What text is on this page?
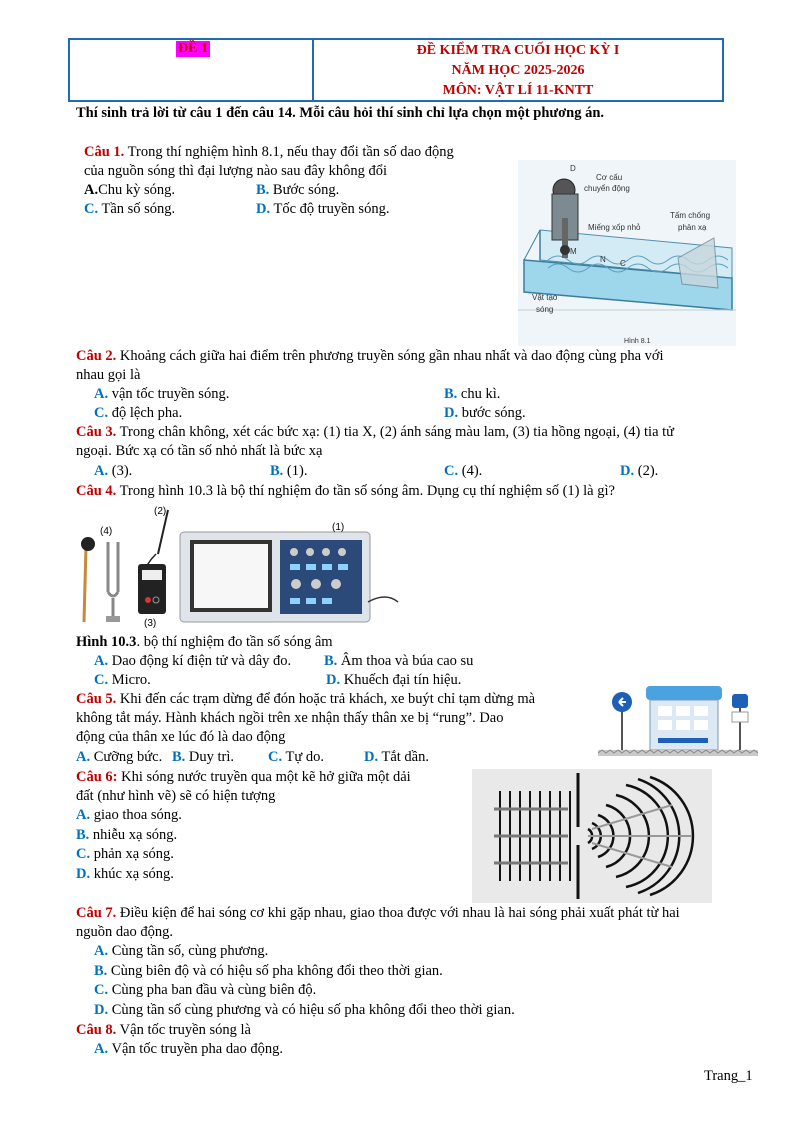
ĐỀ 1	ĐỀ KIỂM TRA CUỐI HỌC KỲ I
NĂM HỌC 2025-2026
MÔN: VẬT LÍ 11-KNTT
Thí sinh trả lời từ câu 1 đến câu 14. Mỗi câu hỏi thí sinh chỉ lựa chọn một phương án.
Câu 1. Trong thí nghiệm hình 8.1, nếu thay đổi tần số dao động
của nguồn sóng thì đại lượng nào sau đây không đổi
A.Chu kỳ sóng.	B. Bước sóng.
C. Tần số sóng.	D. Tốc độ truyền sóng.
D
Cơ cấu
chuyển động
Miếng xốp nhỏ
Tấm chống
phản xạ
O M
N C
Vật tạo
sóng
Hình 8.1
Câu 2. Khoảng cách giữa hai điểm trên phương truyền sóng gần nhau nhất và dao động cùng pha với
nhau gọi là
A. vận tốc truyền sóng.	B. chu kì.
C. độ lệch pha.	D. bước sóng.
Câu 3. Trong chân không, xét các bức xạ: (1) tia X, (2) ánh sáng màu lam, (3) tia hồng ngoại, (4) tia tử
ngoại. Bức xạ có tần số nhỏ nhất là bức xạ
A. (3).	B. (1).	C. (4).	D. (2).
Câu 4. Trong hình 10.3 là bộ thí nghiệm đo tần số sóng âm. Dụng cụ thí nghiệm số (1) là gì?
(1)
(2)
(3)
(4)
Hình 10.3. bộ thí nghiệm đo tần số sóng âm
A. Dao động kí điện tử và dây đo. B. Âm thoa và búa cao su
C. Micro.	D. Khuếch đại tín hiệu.
Câu 5. Khi đến các trạm dừng để đón hoặc trả khách, xe buýt chỉ tạm dừng mà
không tắt máy. Hành khách ngồi trên xe nhận thấy thân xe bị “rung”. Dao
động của thân xe lúc đó là dao động
A. Cưỡng bức. B. Duy trì. C. Tự do.	D. Tắt dần.
Câu 6: Khi sóng nước truyền qua một kẽ hở giữa một dải
đất (như hình vẽ) sẽ có hiện tượng
A. giao thoa sóng.
B. nhiễu xạ sóng.
C. phản xạ sóng.
D. khúc xạ sóng.
Câu 7. Điều kiện để hai sóng cơ khi gặp nhau, giao thoa được với nhau là hai sóng phải xuất phát từ hai
nguồn dao động.
A. Cùng tần số, cùng phương.
B. Cùng biên độ và có hiệu số pha không đổi theo thời gian.
C. Cùng pha ban đầu và cùng biên độ.
D. Cùng tần số cùng phương và có hiệu số pha không đổi theo thời gian.
Câu 8. Vận tốc truyền sóng là
A. Vận tốc truyền pha dao động.
Trang_1
